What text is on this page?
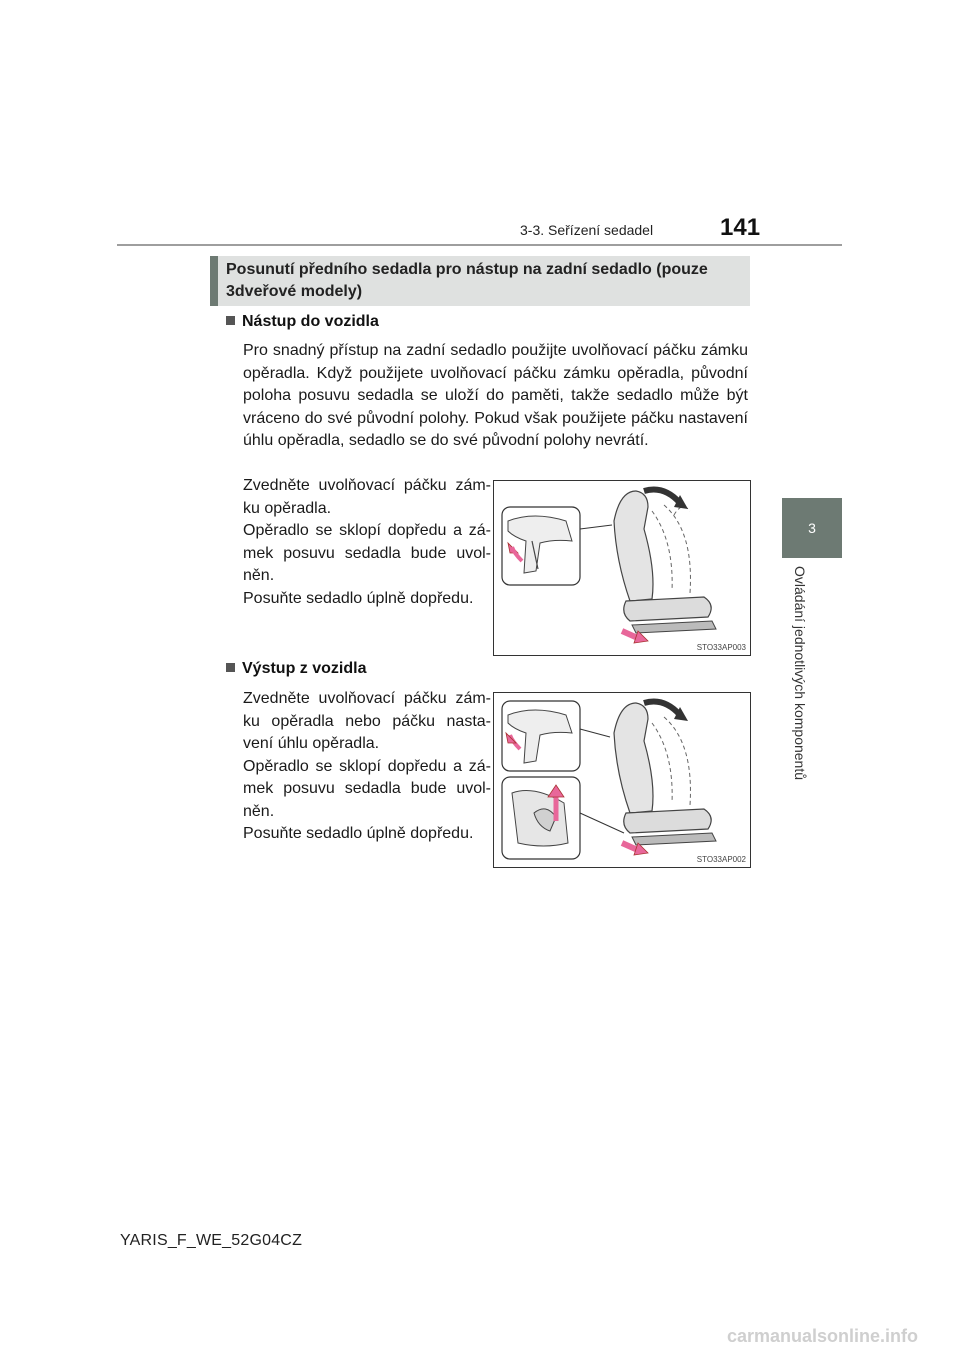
3-3. Seřízení sedadel	141
3
Ovládání jednotlivých komponentů
Posunutí předního sedadla pro nástup na zadní sedadlo (pouze 3dveřové modely)
Nástup do vozidla
Pro snadný přístup na zadní sedadlo použijte uvolňovací páčku zámku opěradla. Když použijete uvolňovací páčku zámku opěradla, původní poloha posuvu sedadla se uloží do paměti, takže sedadlo může být vráceno do své původní polohy. Pokud však použijete páčku nastavení úhlu opěradla, sedadlo se do své původní polohy nevrátí.
Zvedněte uvolňovací páčku zám-ku opěradla.
Opěradlo se sklopí dopředu a zá-mek posuvu sedadla bude uvol-něn.
Posuňte sedadlo úplně dopředu.
STO33AP003
Výstup z vozidla
Zvedněte uvolňovací páčku zám-ku opěradla nebo páčku nasta-vení úhlu opěradla.
Opěradlo se sklopí dopředu a zá-mek posuvu sedadla bude uvol-něn.
Posuňte sedadlo úplně dopředu.
STO33AP002
YARIS_F_WE_52G04CZ
carmanualsonline.info
